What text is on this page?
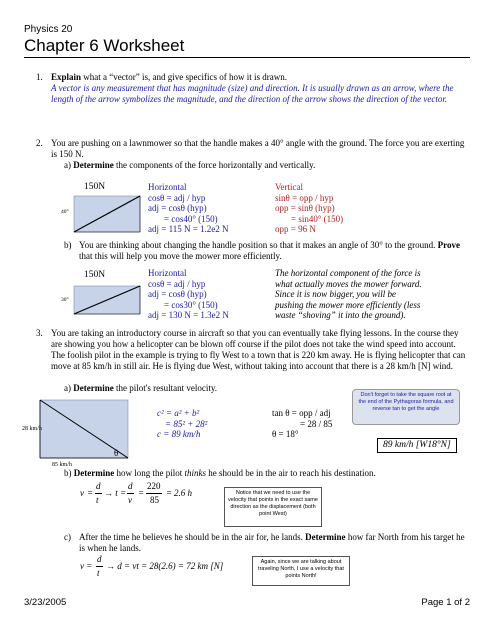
Physics 20
Chapter 6 Worksheet
1. Explain what a “vector” is, and give specifics of how it is drawn.
A vector is any measurement that has magnitude (size) and direction. It is usually drawn as an arrow, where the length of the arrow symbolizes the magnitude, and the direction of the arrow shows the direction of the vector.
2. You are pushing on a lawnmower so that the handle makes a 40° angle with the ground. The force you are exerting is 150 N.
a) Determine the components of the force horizontally and vertically.
150N
40°
Horizontal
cosθ = adj / hyp
adj = cosθ (hyp)
= cos40° (150)
adj = 115 N = 1.2e2 N
Vertical
sinθ = opp / hyp
opp = sinθ (hyp)
= sin40° (150)
opp = 96 N
b) You are thinking about changing the handle position so that it makes an angle of 30° to the ground. Prove that this will help you move the mower more efficiently.
150N
30°
Horizontal
cosθ = adj / hyp
adj = cosθ (hyp)
= cos30° (150)
adj = 130 N = 1.3e2 N
The horizontal component of the force is
what actually moves the mower forward.
Since it is now bigger, you will be
pushing the mower more efficiently (less
waste “shoving” it into the ground).
3. You are taking an introductory course in aircraft so that you can eventually take flying lessons. In the course they are showing you how a helicopter can be blown off course if the pilot does not take the wind speed into account. The foolish pilot in the example is trying to fly West to a town that is 220 km away. He is flying helicopter that can move at 85 km/h in still air. He is flying due West, without taking into account that there is a 28 km/h [N] wind.
a) Determine the pilot's resultant velocity.
28 km/h
85 km/h
θ
c² = a² + b²
= 85² + 28²
c = 89 km/h
tan θ = opp / adj
= 28 / 85
θ = 18°
Don't forget to take the square root at the end of the Pythagoras formula, and reverse tan to get the angle
89 km/h [W18°N]
b) Determine how long the pilot thinks he should be in the air to reach his destination.
v =
d
t
→ t =
d
v
=
220
85
= 2.6 h	Notice that we need to use the velocity that points in the exact same direction as the displacement (both point West)
c) After the time he believes he should be in the air for, he lands. Determine how far North from his target he is when he lands.
v =
d
t
→ d = vt = 28(2.6) = 72 km [N]	Again, since we are talking about traveling North, I use a velocity that points North!
3/23/2005	Page 1 of 2
